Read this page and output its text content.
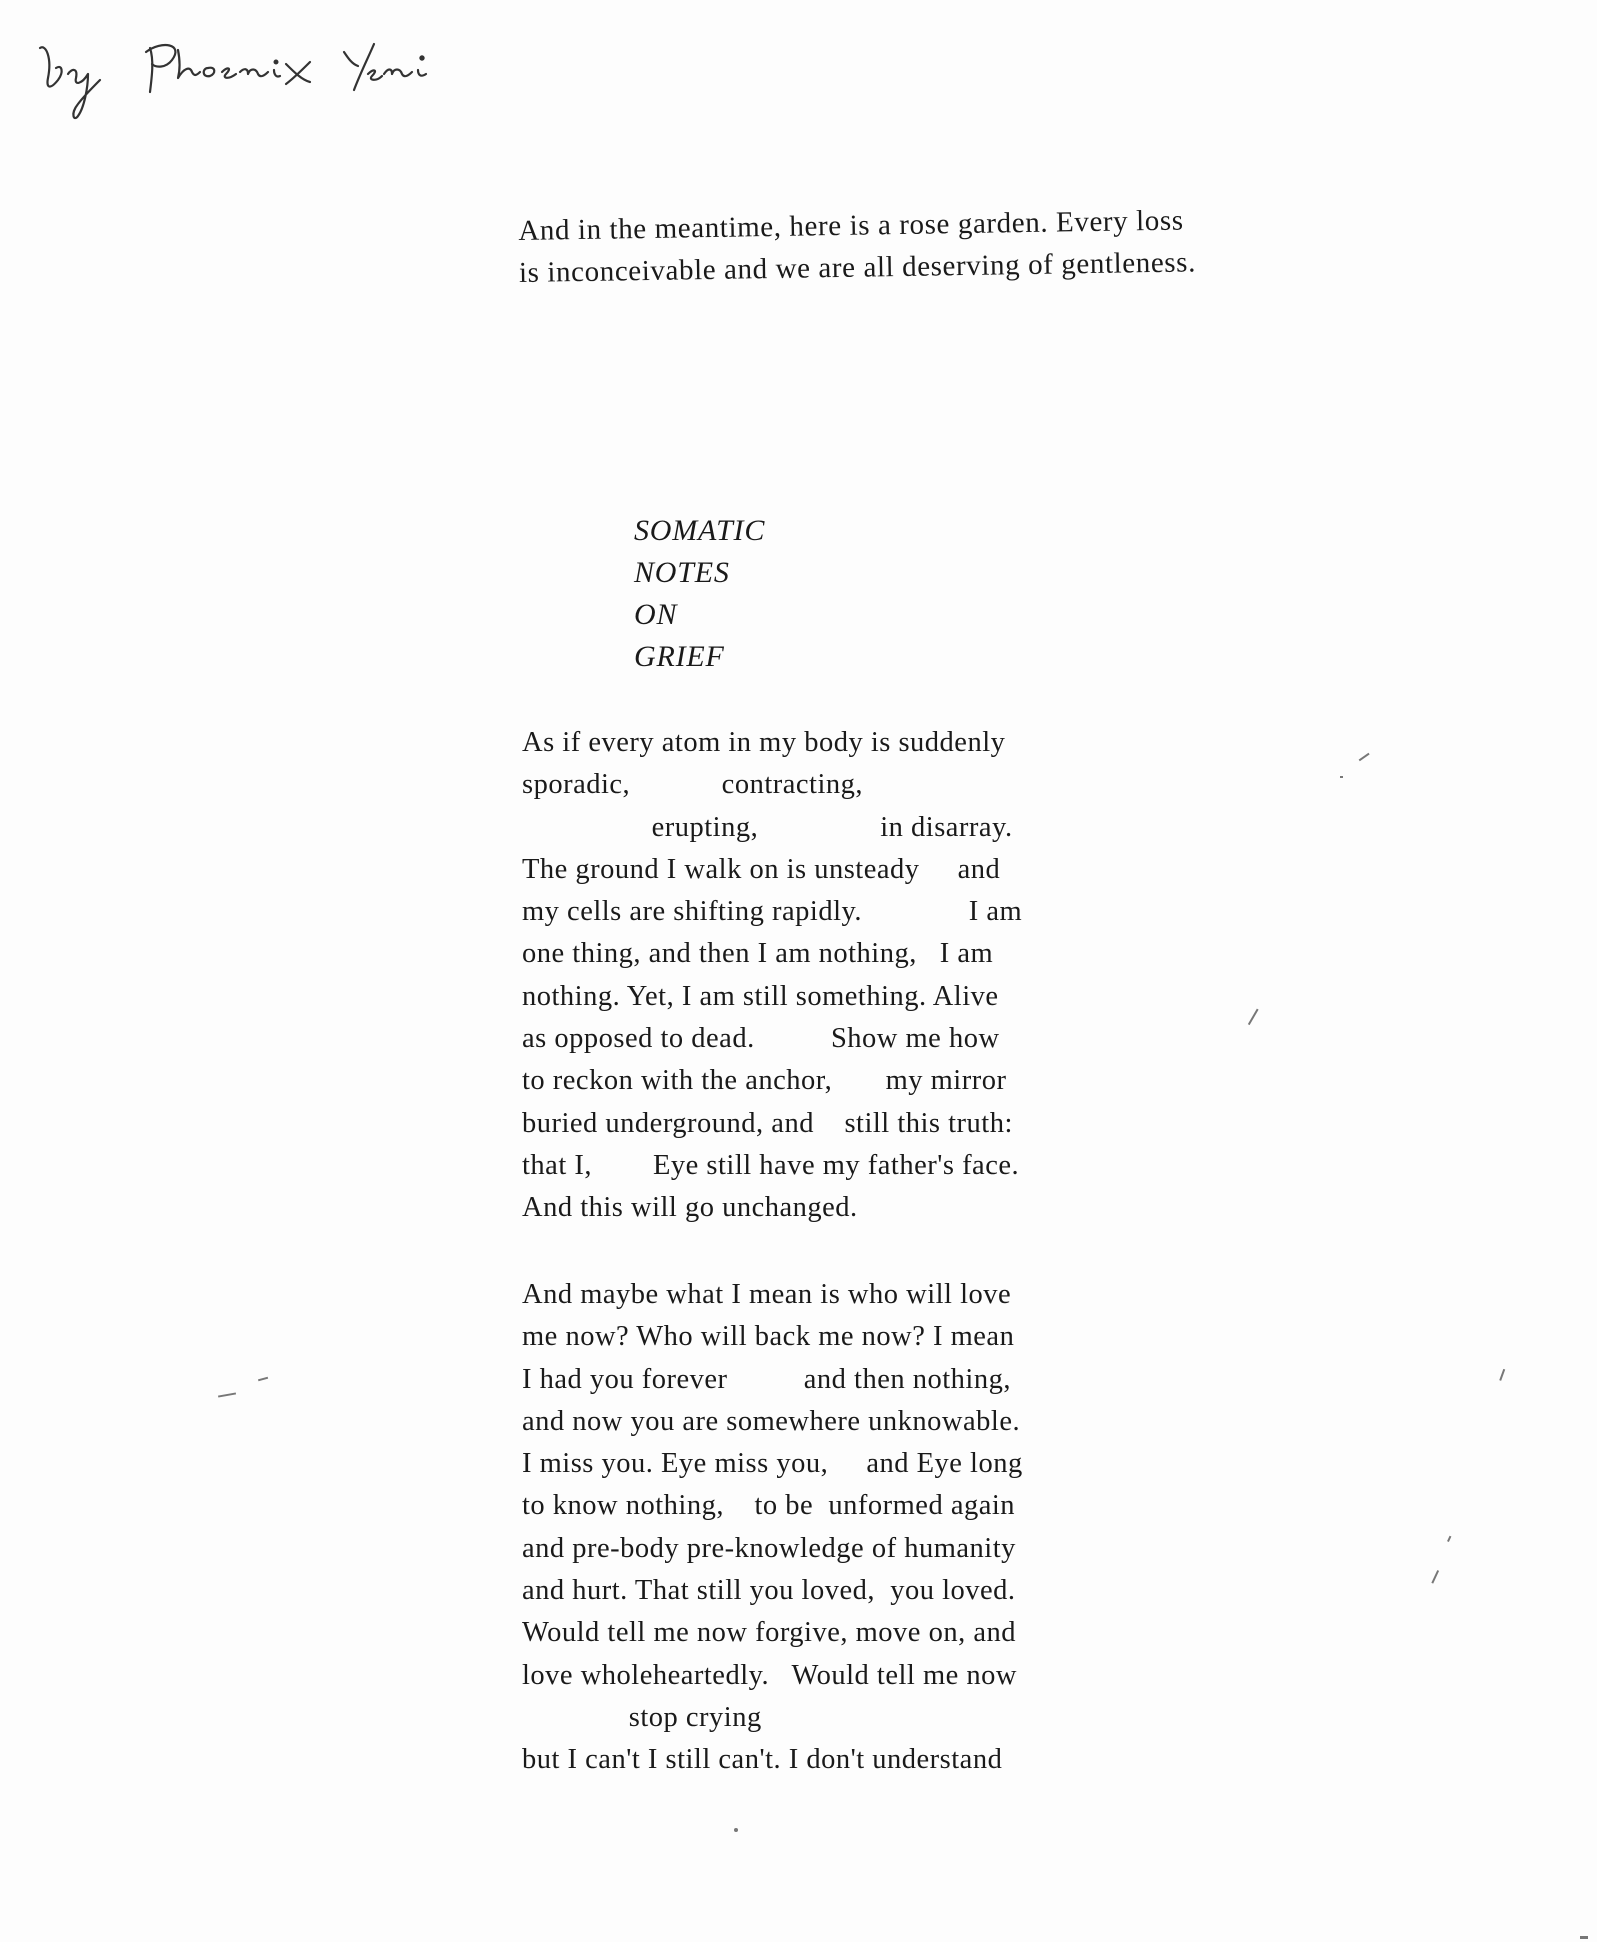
And in the meantime, here is a rose garden. Every loss

is inconceivable and we are all deserving of gentleness.

SOMATIC
NOTES
ON
GRIEF
As if every atom in my body is suddenly
sporadic,            contracting,
erupting,                in disarray.
The ground I walk on is unsteady     and
my cells are shifting rapidly.              I am
one thing, and then I am nothing,   I am
nothing. Yet, I am still something. Alive
as opposed to dead.          Show me how
to reckon with the anchor,       my mirror
buried underground, and    still this truth:
that I,        Eye still have my father's face.
And this will go unchanged.
And maybe what I mean is who will love
me now? Who will back me now? I mean
I had you forever          and then nothing,
and now you are somewhere unknowable.
I miss you. Eye miss you,     and Eye long
to know nothing,    to be  unformed again
and pre-body pre-knowledge of humanity
and hurt. That still you loved,  you loved.
Would tell me now forgive, move on, and
love wholeheartedly.   Would tell me now
stop crying
but I can't I still can't. I don't understand
